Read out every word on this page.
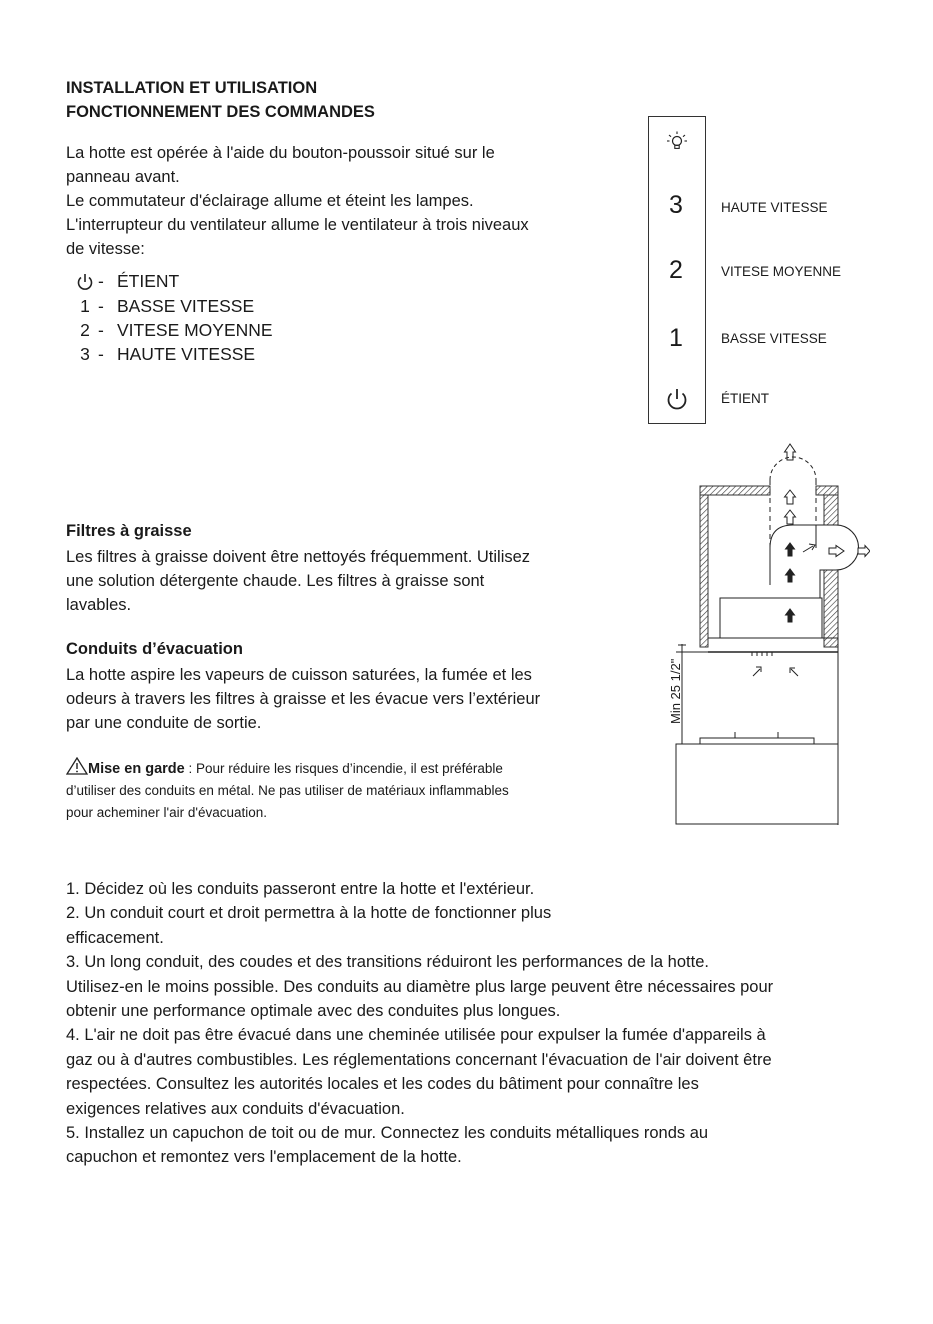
INSTALLATION ET UTILISATION
FONCTIONNEMENT DES COMMANDES
La hotte est opérée à l'aide du bouton-poussoir situé sur le
panneau avant.
Le commutateur d'éclairage allume et éteint les lampes.
L'interrupteur du ventilateur allume le ventilateur à trois niveaux
de vitesse:
- ÉTIENT
1 - BASSE VITESSE
2 - VITESE MOYENNE
3 - HAUTE VITESSE
3
2
1
HAUTE VITESSE
VITESE MOYENNE
BASSE VITESSE
ÉTIENT
Filtres à graisse
Les filtres à graisse doivent être nettoyés fréquemment. Utilisez
une solution détergente chaude. Les filtres à graisse sont
lavables.
Conduits d’évacuation
La hotte aspire les vapeurs de cuisson saturées, la fumée et les
odeurs à travers les filtres à graisse et les évacue vers l’extérieur
par une conduite de sortie.
Mise en garde : Pour réduire les risques d’incendie, il est préférable
d’utiliser des conduits en métal. Ne pas utiliser de matériaux inflammables
pour acheminer l'air d'évacuation.
Min 25 1/2"
1. Décidez où les conduits passeront entre la hotte et l'extérieur.
2. Un conduit court et droit permettra à la hotte de fonctionner plus
efficacement.
3. Un long conduit, des coudes et des transitions réduiront les performances de la hotte.
Utilisez-en le moins possible. Des conduits au diamètre plus large peuvent être nécessaires pour
obtenir une performance optimale avec des conduites plus longues.
4. L'air ne doit pas être évacué dans une cheminée utilisée pour expulser la fumée d'appareils à
gaz ou à d'autres combustibles. Les réglementations concernant l'évacuation de l'air doivent être
respectées. Consultez les autorités locales et les codes du bâtiment pour connaître les
exigences relatives aux conduits d'évacuation.
5. Installez un capuchon de toit ou de mur. Connectez les conduits métalliques ronds au
capuchon et remontez vers l'emplacement de la hotte.
